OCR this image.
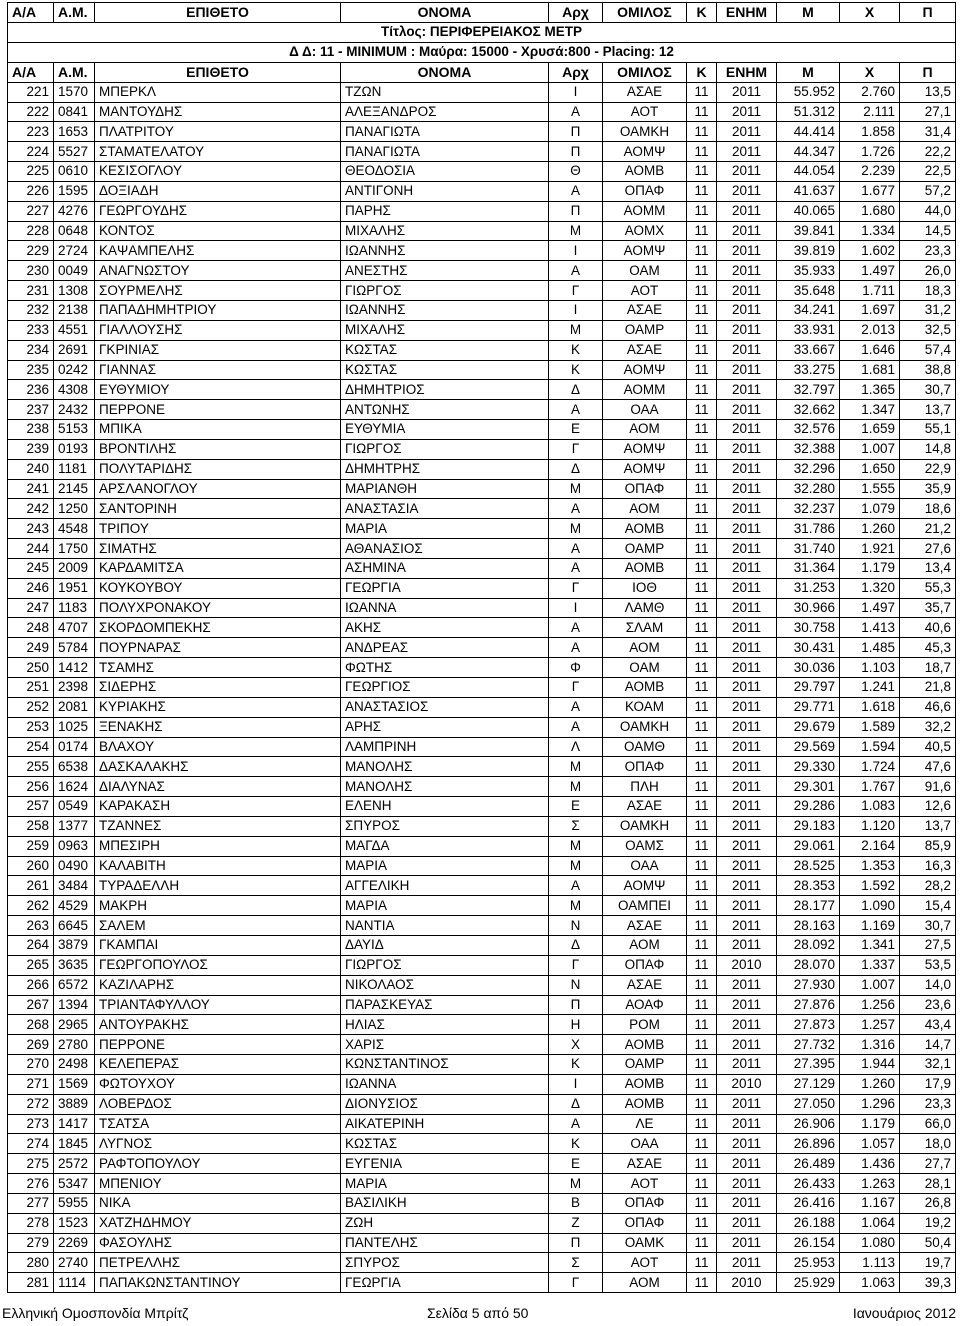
Α/Α	Α.Μ.	ΕΠΙΘΕΤΟ	ΟΝΟΜΑ	Αρχ	ΟΜΙΛΟΣ	Κ	ΕΝΗΜ	Μ	Χ	Π
Τίτλος: ΠΕΡΙΦΕΡΕΙΑΚΟΣ ΜΕΤΡ										
Δ Δ: 11 - MINIMUM : Μαύρα: 15000 - Χρυσά:800 - Placing: 12										
Α/Α	Α.Μ.	ΕΠΙΘΕΤΟ	ΟΝΟΜΑ	Αρχ	ΟΜΙΛΟΣ	Κ	ΕΝΗΜ	Μ	Χ	Π
221	1570	ΜΠΕΡΚΛ	ΤΖΩΝ	Ι	ΑΣΑΕ	11	2011	55.952	2.760	13,5
222	0841	ΜΑΝΤΟΥΔΗΣ	ΑΛΕΞΑΝΔΡΟΣ	Α	ΑΟΤ	11	2011	51.312	2.111	27,1
223	1653	ΠΛΑΤΡΙΤΟΥ	ΠΑΝΑΓΙΩΤΑ	Π	ΟΑΜΚΗ	11	2011	44.414	1.858	31,4
224	5527	ΣΤΑΜΑΤΕΛΑΤΟΥ	ΠΑΝΑΓΙΩΤΑ	Π	ΑΟΜΨ	11	2011	44.347	1.726	22,2
225	0610	ΚΕΣΙΣΟΓΛΟΥ	ΘΕΟΔΟΣΙΑ	Θ	ΑΟΜΒ	11	2011	44.054	2.239	22,5
226	1595	ΔΟΞΙΑΔΗ	ΑΝΤΙΓΟΝΗ	Α	ΟΠΑΦ	11	2011	41.637	1.677	57,2
227	4276	ΓΕΩΡΓΟΥΔΗΣ	ΠΑΡΗΣ	Π	ΑΟΜΜ	11	2011	40.065	1.680	44,0
228	0648	ΚΟΝΤΟΣ	ΜΙΧΑΛΗΣ	Μ	ΑΟΜΧ	11	2011	39.841	1.334	14,5
229	2724	ΚΑΨΑΜΠΕΛΗΣ	ΙΩΑΝΝΗΣ	Ι	ΑΟΜΨ	11	2011	39.819	1.602	23,3
230	0049	ΑΝΑΓΝΩΣΤΟΥ	ΑΝΕΣΤΗΣ	Α	ΟΑΜ	11	2011	35.933	1.497	26,0
231	1308	ΣΟΥΡΜΕΛΗΣ	ΓΙΩΡΓΟΣ	Γ	ΑΟΤ	11	2011	35.648	1.711	18,3
232	2138	ΠΑΠΑΔΗΜΗΤΡΙΟΥ	ΙΩΑΝΝΗΣ	Ι	ΑΣΑΕ	11	2011	34.241	1.697	31,2
233	4551	ΓΙΑΛΛΟΥΣΗΣ	ΜΙΧΑΛΗΣ	Μ	ΟΑΜΡ	11	2011	33.931	2.013	32,5
234	2691	ΓΚΡΙΝΙΑΣ	ΚΩΣΤΑΣ	Κ	ΑΣΑΕ	11	2011	33.667	1.646	57,4
235	0242	ΓΙΑΝΝΑΣ	ΚΩΣΤΑΣ	Κ	ΑΟΜΨ	11	2011	33.275	1.681	38,8
236	4308	ΕΥΘΥΜΙΟΥ	ΔΗΜΗΤΡΙΟΣ	Δ	ΑΟΜΜ	11	2011	32.797	1.365	30,7
237	2432	ΠΕΡΡΟΝΕ	ΑΝΤΩΝΗΣ	Α	ΟΑΑ	11	2011	32.662	1.347	13,7
238	5153	ΜΠΙΚΑ	ΕΥΘΥΜΙΑ	Ε	ΑΟΜ	11	2011	32.576	1.659	55,1
239	0193	ΒΡΟΝΤΙΛΗΣ	ΓΙΩΡΓΟΣ	Γ	ΑΟΜΨ	11	2011	32.388	1.007	14,8
240	1181	ΠΟΛΥΤΑΡΙΔΗΣ	ΔΗΜΗΤΡΗΣ	Δ	ΑΟΜΨ	11	2011	32.296	1.650	22,9
241	2145	ΑΡΣΛΑΝΟΓΛΟΥ	ΜΑΡΙΑΝΘΗ	Μ	ΟΠΑΦ	11	2011	32.280	1.555	35,9
242	1250	ΣΑΝΤΟΡΙΝΗ	ΑΝΑΣΤΑΣΙΑ	Α	ΑΟΜ	11	2011	32.237	1.079	18,6
243	4548	ΤΡΙΠΟΥ	ΜΑΡΙΑ	Μ	ΑΟΜΒ	11	2011	31.786	1.260	21,2
244	1750	ΣΙΜΑΤΗΣ	ΑΘΑΝΑΣΙΟΣ	Α	ΟΑΜΡ	11	2011	31.740	1.921	27,6
245	2009	ΚΑΡΔΑΜΙΤΣΑ	ΑΣΗΜΙΝΑ	Α	ΑΟΜΒ	11	2011	31.364	1.179	13,4
246	1951	ΚΟΥΚΟΥΒΟΥ	ΓΕΩΡΓΙΑ	Γ	ΙΟΘ	11	2011	31.253	1.320	55,3
247	1183	ΠΟΛΥΧΡΟΝΑΚΟΥ	ΙΩΑΝΝΑ	Ι	ΛΑΜΘ	11	2011	30.966	1.497	35,7
248	4707	ΣΚΟΡΔΟΜΠΕΚΗΣ	ΑΚΗΣ	Α	ΣΛΑΜ	11	2011	30.758	1.413	40,6
249	5784	ΠΟΥΡΝΑΡΑΣ	ΑΝΔΡΕΑΣ	Α	ΑΟΜ	11	2011	30.431	1.485	45,3
250	1412	ΤΣΑΜΗΣ	ΦΩΤΗΣ	Φ	ΟΑΜ	11	2011	30.036	1.103	18,7
251	2398	ΣΙΔΕΡΗΣ	ΓΕΩΡΓΙΟΣ	Γ	ΑΟΜΒ	11	2011	29.797	1.241	21,8
252	2081	ΚΥΡΙΑΚΗΣ	ΑΝΑΣΤΑΣΙΟΣ	Α	ΚΟΑΜ	11	2011	29.771	1.618	46,6
253	1025	ΞΕΝΑΚΗΣ	ΑΡΗΣ	Α	ΟΑΜΚΗ	11	2011	29.679	1.589	32,2
254	0174	ΒΛΑΧΟΥ	ΛΑΜΠΡΙΝΗ	Λ	ΟΑΜΘ	11	2011	29.569	1.594	40,5
255	6538	ΔΑΣΚΑΛΑΚΗΣ	ΜΑΝΟΛΗΣ	Μ	ΟΠΑΦ	11	2011	29.330	1.724	47,6
256	1624	ΔΙΑΛΥΝΑΣ	ΜΑΝΟΛΗΣ	Μ	ΠΛΗ	11	2011	29.301	1.767	91,6
257	0549	ΚΑΡΑΚΑΣΗ	ΕΛΕΝΗ	Ε	ΑΣΑΕ	11	2011	29.286	1.083	12,6
258	1377	ΤΖΑΝΝΕΣ	ΣΠΥΡΟΣ	Σ	ΟΑΜΚΗ	11	2011	29.183	1.120	13,7
259	0963	ΜΠΕΣΙΡΗ	ΜΑΓΔΑ	Μ	ΟΑΜΣ	11	2011	29.061	2.164	85,9
260	0490	ΚΑΛΑΒΙΤΗ	ΜΑΡΙΑ	Μ	ΟΑΑ	11	2011	28.525	1.353	16,3
261	3484	ΤΥΡΑΔΕΛΛΗ	ΑΓΓΕΛΙΚΗ	Α	ΑΟΜΨ	11	2011	28.353	1.592	28,2
262	4529	ΜΑΚΡΗ	ΜΑΡΙΑ	Μ	ΟΑΜΠΕΙ	11	2011	28.177	1.090	15,4
263	6645	ΣΑΛΕΜ	ΝΑΝΤΙΑ	Ν	ΑΣΑΕ	11	2011	28.163	1.169	30,7
264	3879	ΓΚΑΜΠΑΙ	ΔΑΥΙΔ	Δ	ΑΟΜ	11	2011	28.092	1.341	27,5
265	3635	ΓΕΩΡΓΟΠΟΥΛΟΣ	ΓΙΩΡΓΟΣ	Γ	ΟΠΑΦ	11	2010	28.070	1.337	53,5
266	6572	ΚΑΖΙΛΑΡΗΣ	ΝΙΚΟΛΑΟΣ	Ν	ΑΣΑΕ	11	2011	27.930	1.007	14,0
267	1394	ΤΡΙΑΝΤΑΦΥΛΛΟΥ	ΠΑΡΑΣΚΕΥΑΣ	Π	ΑΟΑΦ	11	2011	27.876	1.256	23,6
268	2965	ΑΝΤΟΥΡΑΚΗΣ	ΗΛΙΑΣ	Η	ΡΟΜ	11	2011	27.873	1.257	43,4
269	2780	ΠΕΡΡΟΝΕ	ΧΑΡΙΣ	Χ	ΑΟΜΒ	11	2011	27.732	1.316	14,7
270	2498	ΚΕΛΕΠΕΡΑΣ	ΚΩΝΣΤΑΝΤΙΝΟΣ	Κ	ΟΑΜΡ	11	2011	27.395	1.944	32,1
271	1569	ΦΩΤΟΥΧΟΥ	ΙΩΑΝΝΑ	Ι	ΑΟΜΒ	11	2010	27.129	1.260	17,9
272	3889	ΛΟΒΕΡΔΟΣ	ΔΙΟΝΥΣΙΟΣ	Δ	ΑΟΜΒ	11	2011	27.050	1.296	23,3
273	1417	ΤΣΑΤΣΑ	ΑΙΚΑΤΕΡΙΝΗ	Α	ΛΕ	11	2011	26.906	1.179	66,0
274	1845	ΛΥΓΝΟΣ	ΚΩΣΤΑΣ	Κ	ΟΑΑ	11	2011	26.896	1.057	18,0
275	2572	ΡΑΦΤΟΠΟΥΛΟΥ	ΕΥΓΕΝΙΑ	Ε	ΑΣΑΕ	11	2011	26.489	1.436	27,7
276	5347	ΜΠΕΝΙΟΥ	ΜΑΡΙΑ	Μ	ΑΟΤ	11	2011	26.433	1.263	28,1
277	5955	ΝΙΚΑ	ΒΑΣΙΛΙΚΗ	Β	ΟΠΑΦ	11	2011	26.416	1.167	26,8
278	1523	ΧΑΤΖΗΔΗΜΟΥ	ΖΩΗ	Ζ	ΟΠΑΦ	11	2011	26.188	1.064	19,2
279	2269	ΦΑΣΟΥΛΗΣ	ΠΑΝΤΕΛΗΣ	Π	ΟΑΜΚ	11	2011	26.154	1.080	50,4
280	2740	ΠΕΤΡΕΛΛΗΣ	ΣΠΥΡΟΣ	Σ	ΑΟΤ	11	2011	25.953	1.113	19,7
281	1114	ΠΑΠΑΚΩΝΣΤΑΝΤΙΝΟΥ	ΓΕΩΡΓΙΑ	Γ	ΑΟΜ	11	2010	25.929	1.063	39,3
Ελληνική Ομοσπονδία Μπρίτζ	Σελίδα 5 από 50	Ιανουάριος 2012
